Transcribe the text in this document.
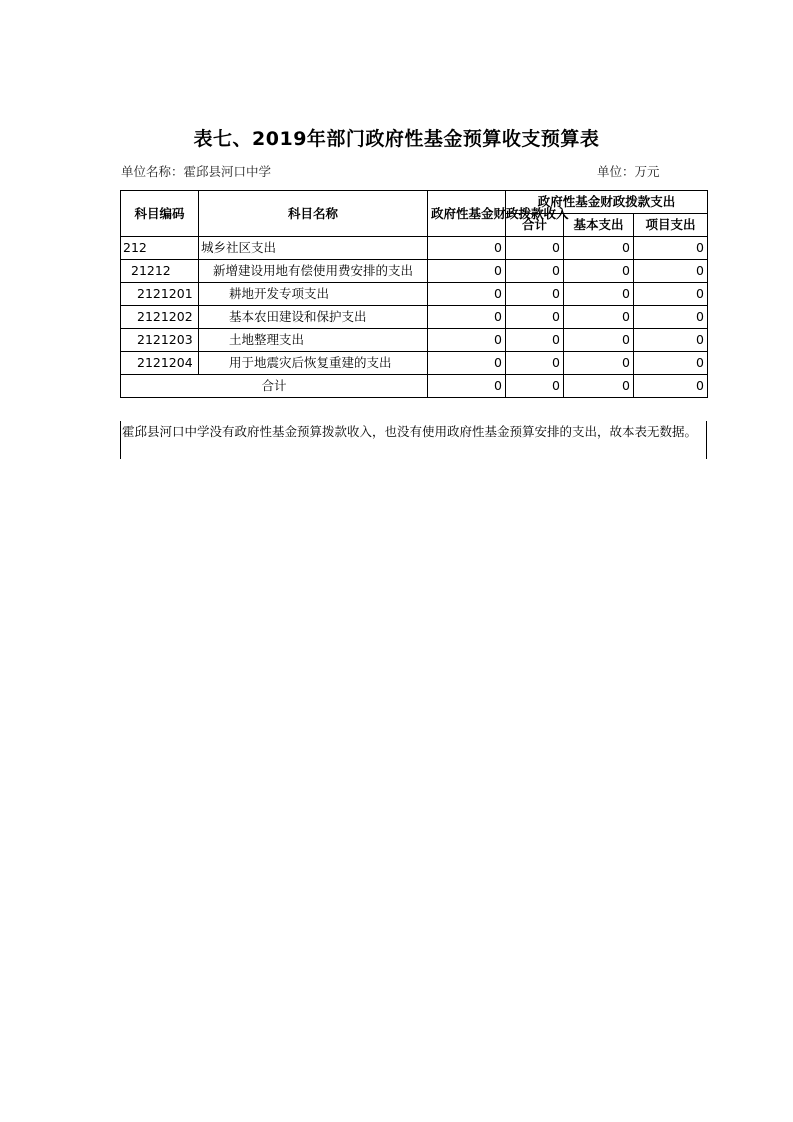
表七、2019年部门政府性基金预算收支预算表
单位名称：霍邱县河口中学	单位：万元
科目编码	科目名称	政府性基金财政拨款收入	政府性基金财政拨款支出		
			合计	基本支出	项目支出
212	城乡社区支出	0	0	0	0
21212	新增建设用地有偿使用费安排的支出	0	0	0	0
2121201	耕地开发专项支出	0	0	0	0
2121202	基本农田建设和保护支出	0	0	0	0
2121203	土地整理支出	0	0	0	0
2121204	用于地震灾后恢复重建的支出	0	0	0	0
合计		0	0	0	0
霍邱县河口中学没有政府性基金预算拨款收入，也没有使用政府性基金预算安排的支出，故本表无数据。
